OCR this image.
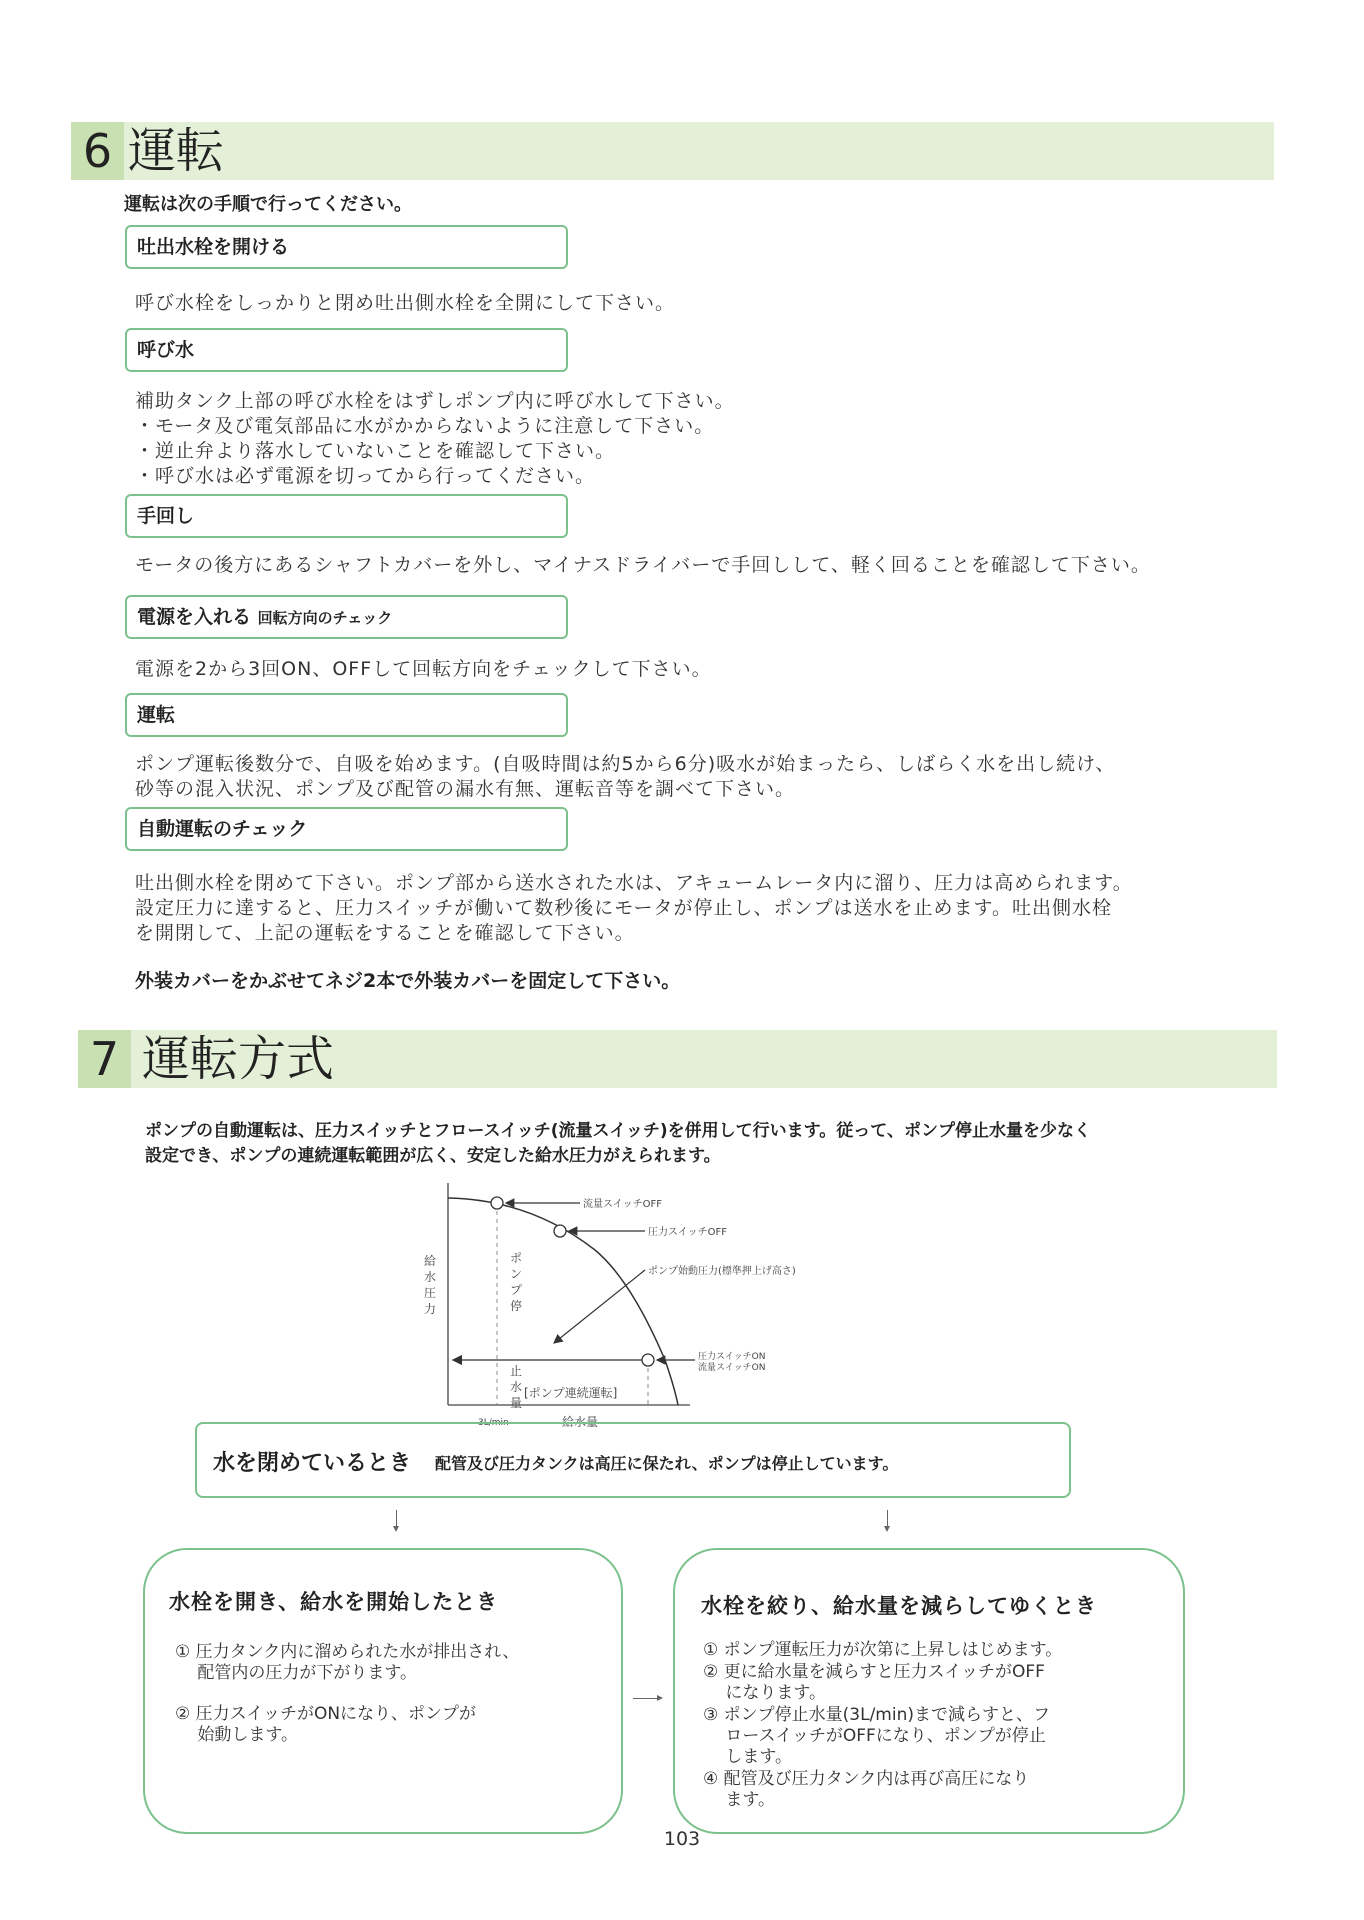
6 運転
運転は次の手順で行ってください。
吐出水栓を開ける
呼び水栓をしっかりと閉め吐出側水栓を全開にして下さい。
呼び水
補助タンク上部の呼び水栓をはずしポンプ内に呼び水して下さい。
・モータ及び電気部品に水がかからないように注意して下さい。
・逆止弁より落水していないことを確認して下さい。
・呼び水は必ず電源を切ってから行ってください。
手回し
モータの後方にあるシャフトカバーを外し、マイナスドライバーで手回しして、軽く回ることを確認して下さい。
電源を入れる 回転方向のチェック
電源を2から3回ON、OFFして回転方向をチェックして下さい。
運転
ポンプ運転後数分で、自吸を始めます。(自吸時間は約5から6分)吸水が始まったら、しばらく水を出し続け、
砂等の混入状況、ポンプ及び配管の漏水有無、運転音等を調べて下さい。
自動運転のチェック
吐出側水栓を閉めて下さい。ポンプ部から送水された水は、アキュームレータ内に溜り、圧力は高められます。
設定圧力に達すると、圧力スイッチが働いて数秒後にモータが停止し、ポンプは送水を止めます。吐出側水栓
を開閉して、上記の運転をすることを確認して下さい。
外装カバーをかぶせてネジ2本で外装カバーを固定して下さい。
7 運転方式
ポンプの自動運転は、圧力スイッチとフロースイッチ(流量スイッチ)を併用して行います。従って、ポンプ停止水量を少なく
設定でき、ポンプの連続運転範囲が広く、安定した給水圧力がえられます。
流量スイッチOFF
圧力スイッチOFF
ポンプ始動圧力(標準押上げ高さ)
圧力スイッチON
流量スイッチON
[ポンプ連続運転]
3L/min	給水量
給
水
圧
力
ポ
ン
プ
停
止
水
量
水を閉めているとき 配管及び圧力タンクは高圧に保たれ、ポンプは停止しています。
水栓を開き、給水を開始したとき
① 圧力タンク内に溜められた水が排出され、
　 配管内の圧力が下がります。
② 圧力スイッチがONになり、ポンプが
　 始動します。
水栓を絞り、給水量を減らしてゆくとき
① ポンプ運転圧力が次第に上昇しはじめます。
② 更に給水量を減らすと圧力スイッチがOFF
　 になります。
③ ポンプ停止水量(3L/min)まで減らすと、フ
　 ロースイッチがOFFになり、ポンプが停止
　 します。
④ 配管及び圧力タンク内は再び高圧になり
　 ます。
103
